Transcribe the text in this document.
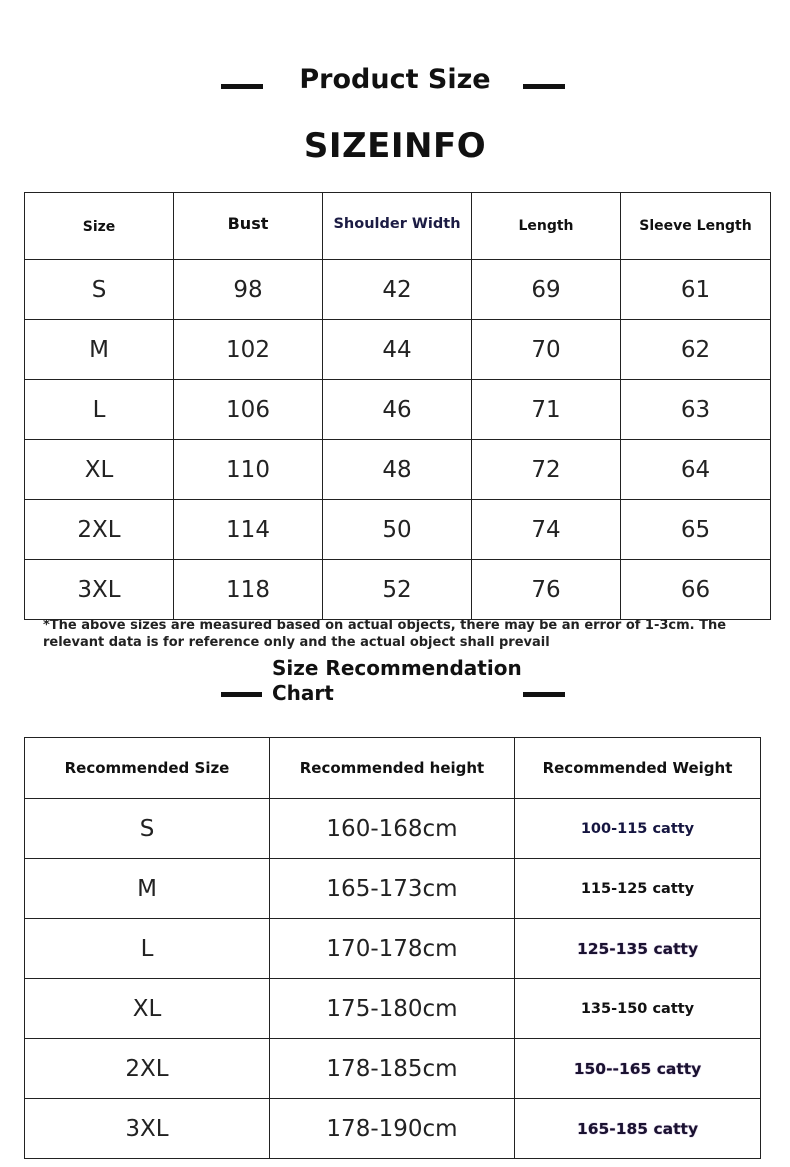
Product Size
SIZEINFO
Size	Bust	Shoulder Width	Length	Sleeve Length
S	98	42	69	61
M	102	44	70	62
L	106	46	71	63
XL	110	48	72	64
2XL	114	50	74	65
3XL	118	52	76	66
*The above sizes are measured based on actual objects, there may be an error of 1-3cm. The
relevant data is for reference only and the actual object shall prevail
Size Recommendation
Chart
Recommended Size	Recommended height	Recommended Weight
S	160-168cm	100-115 catty
M	165-173cm	115-125 catty
L	170-178cm	125-135 catty
XL	175-180cm	135-150 catty
2XL	178-185cm	150--165 catty
3XL	178-190cm	165-185 catty
